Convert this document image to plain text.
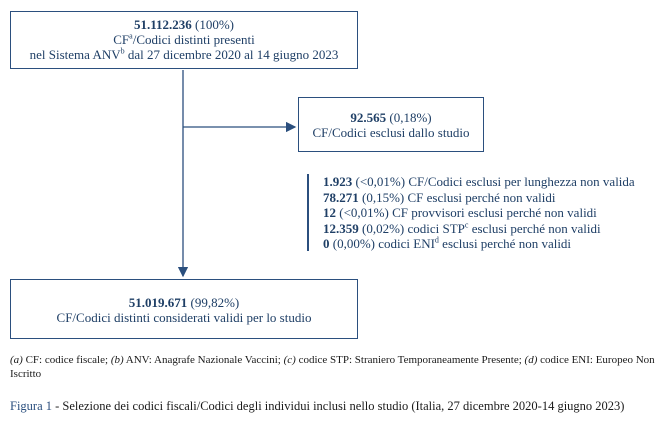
51.112.236 (100%)
$CF^a$/Codici distinti presenti
nel Sistema ANV$^b$ dal 27 dicembre 2020 al 14 giugno 2023
92.565 (0,18%)
CF/Codici esclusi dallo studio
1.923 (<0,01%) CF/Codici esclusi per lunghezza non valida
78.271 (0,15%) CF esclusi perché non validi
12 (<0,01%) CF provvisori esclusi perché non validi
12.359 (0,02%) codici STP$^c$ esclusi perché non validi
0 (0,00%) codici ENI$^d$ esclusi perché non validi
51.019.671 (99,82%)
CF/Codici distinti considerati validi per lo studio
(a) CF: codice fiscale; (b) ANV: Anagrafe Nazionale Vaccini; (c) codice STP: Straniero Temporaneamente Presente; (d) codice ENI: Europeo Non Iscritto
Figura 1 - Selezione dei codici fiscali/Codici degli individui inclusi nello studio (Italia, 27 dicembre 2020-14 giugno 2023)
